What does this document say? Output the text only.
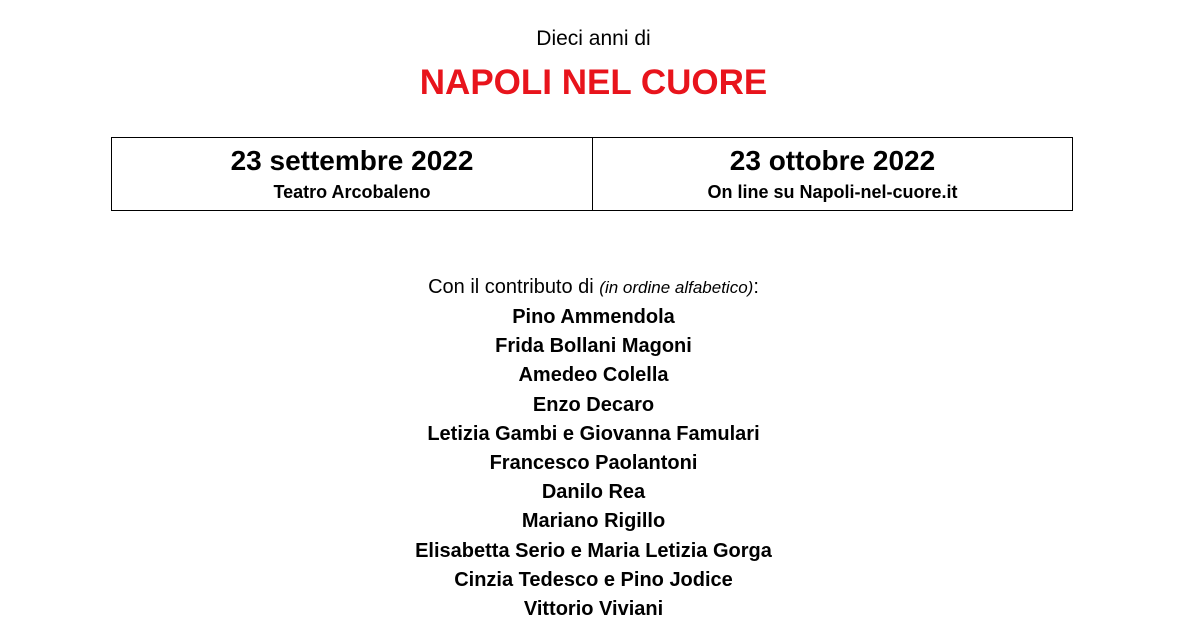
Dieci anni di
NAPOLI NEL CUORE
23 settembre 2022
Teatro Arcobaleno
23 ottobre 2022
On line su Napoli-nel-cuore.it
Con il contributo di (in ordine alfabetico):
Pino Ammendola
Frida Bollani Magoni
Amedeo Colella
Enzo Decaro
Letizia Gambi e Giovanna Famulari
Francesco Paolantoni
Danilo Rea
Mariano Rigillo
Elisabetta Serio e Maria Letizia Gorga
Cinzia Tedesco e Pino Jodice
Vittorio Viviani
